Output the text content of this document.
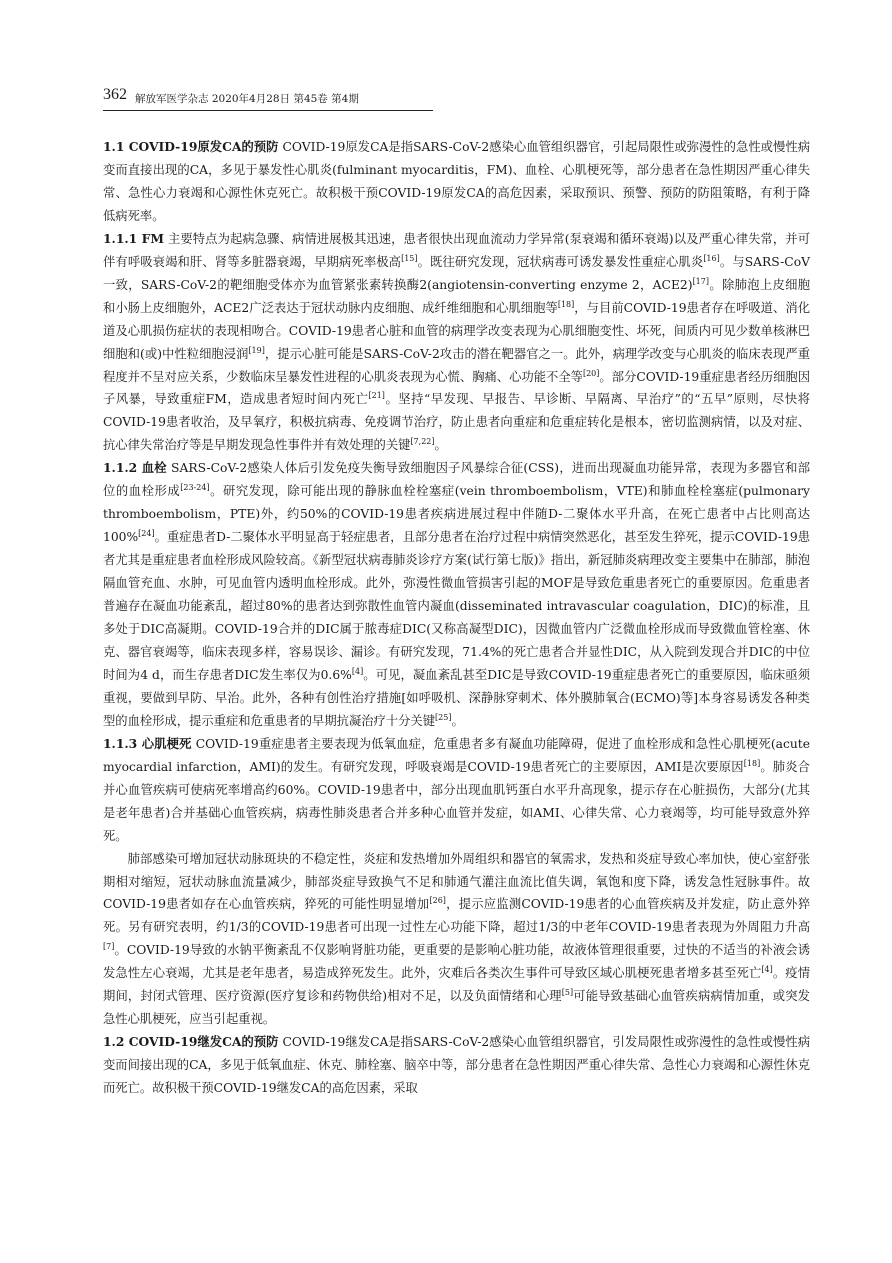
362 解放军医学杂志 2020年4月28日 第45卷 第4期

1.1 COVID-19原发CA的预防 COVID-19原发CA是指SARS-CoV-2感染心血管组织器官，引起局限性或弥漫性的急性或慢性病变而直接出现的CA，多见于暴发性心肌炎(fulminant myocarditis，FM)、血栓、心肌梗死等，部分患者在急性期因严重心律失常、急性心力衰竭和心源性休克死亡。故积极干预COVID-19原发CA的高危因素，采取预识、预警、预防的防阻策略，有利于降低病死率。

1.1.1 FM 主要特点为起病急骤、病情进展极其迅速，患者很快出现血流动力学异常(泵衰竭和循环衰竭)以及严重心律失常，并可伴有呼吸衰竭和肝、肾等多脏器衰竭，早期病死率极高[15]。既往研究发现，冠状病毒可诱发暴发性重症心肌炎[16]。与SARS-CoV一致，SARS-CoV-2的靶细胞受体亦为血管紧张素转换酶2(angiotensin-converting enzyme 2，ACE2)[17]。除肺泡上皮细胞和小肠上皮细胞外，ACE2广泛表达于冠状动脉内皮细胞、成纤维细胞和心肌细胞等[18]，与目前COVID-19患者存在呼吸道、消化道及心肌损伤症状的表现相吻合。COVID-19患者心脏和血管的病理学改变表现为心肌细胞变性、坏死，间质内可见少数单核淋巴细胞和(或)中性粒细胞浸润[19]，提示心脏可能是SARS-CoV-2攻击的潜在靶器官之一。此外，病理学改变与心肌炎的临床表现严重程度并不呈对应关系，少数临床呈暴发性进程的心肌炎表现为心慌、胸痛、心功能不全等[20]。部分COVID-19重症患者经历细胞因子风暴，导致重症FM，造成患者短时间内死亡[21]。坚持“早发现、早报告、早诊断、早隔离、早治疗”的“五早”原则，尽快将COVID-19患者收治，及早氧疗，积极抗病毒、免疫调节治疗，防止患者向重症和危重症转化是根本，密切监测病情，以及对症、抗心律失常治疗等是早期发现急性事件并有效处理的关键[7,22]。

1.1.2 血栓 SARS-CoV-2感染人体后引发免疫失衡导致细胞因子风暴综合征(CSS)，进而出现凝血功能异常，表现为多器官和部位的血栓形成[23-24]。研究发现，除可能出现的静脉血栓栓塞症(vein thromboembolism，VTE)和肺血栓栓塞症(pulmonary thromboembolism，PTE)外，约50%的COVID-19患者疾病进展过程中伴随D-二聚体水平升高，在死亡患者中占比则高达100%[24]。重症患者D-二聚体水平明显高于轻症患者，且部分患者在治疗过程中病情突然恶化，甚至发生猝死，提示COVID-19患者尤其是重症患者血栓形成风险较高。《新型冠状病毒肺炎诊疗方案(试行第七版)》指出，新冠肺炎病理改变主要集中在肺部，肺泡隔血管充血、水肿，可见血管内透明血栓形成。此外，弥漫性微血管损害引起的MOF是导致危重患者死亡的重要原因。危重患者普遍存在凝血功能紊乱，超过80%的患者达到弥散性血管内凝血(disseminated intravascular coagulation，DIC)的标准，且多处于DIC高凝期。COVID-19合并的DIC属于脓毒症DIC(又称高凝型DIC)，因微血管内广泛微血栓形成而导致微血管栓塞、休克、器官衰竭等，临床表现多样，容易误诊、漏诊。有研究发现，71.4%的死亡患者合并显性DIC，从入院到发现合并DIC的中位时间为4 d，而生存患者DIC发生率仅为0.6%[4]。可见，凝血紊乱甚至DIC是导致COVID-19重症患者死亡的重要原因，临床亟须重视，要做到早防、早治。此外，各种有创性治疗措施[如呼吸机、深静脉穿刺术、体外膜肺氧合(ECMO)等]本身容易诱发各种类型的血栓形成，提示重症和危重患者的早期抗凝治疗十分关键[25]。

1.1.3 心肌梗死 COVID-19重症患者主要表现为低氧血症，危重患者多有凝血功能障碍，促进了血栓形成和急性心肌梗死(acute myocardial infarction，AMI)的发生。有研究发现，呼吸衰竭是COVID-19患者死亡的主要原因，AMI是次要原因[18]。肺炎合并心血管疾病可使病死率增高约60%。COVID-19患者中，部分出现血肌钙蛋白水平升高现象，提示存在心脏损伤，大部分(尤其是老年患者)合并基础心血管疾病，病毒性肺炎患者合并多种心血管并发症，如AMI、心律失常、心力衰竭等，均可能导致意外猝死。

肺部感染可增加冠状动脉斑块的不稳定性，炎症和发热增加外周组织和器官的氧需求，发热和炎症导致心率加快，使心室舒张期相对缩短，冠状动脉血流量减少，肺部炎症导致换气不足和肺通气灌注血流比值失调，氧饱和度下降，诱发急性冠脉事件。故COVID-19患者如存在心血管疾病，猝死的可能性明显增加[26]，提示应监测COVID-19患者的心血管疾病及并发症，防止意外猝死。另有研究表明，约1/3的COVID-19患者可出现一过性左心功能下降，超过1/3的中老年COVID-19患者表现为外周阻力升高[7]。COVID-19导致的水钠平衡紊乱不仅影响肾脏功能，更重要的是影响心脏功能，故液体管理很重要，过快的不适当的补液会诱发急性左心衰竭，尤其是老年患者，易造成猝死发生。此外，灾难后各类次生事件可导致区域心肌梗死患者增多甚至死亡[4]。疫情期间，封闭式管理、医疗资源(医疗复诊和药物供给)相对不足，以及负面情绪和心理[5]可能导致基础心血管疾病病情加重，或突发急性心肌梗死，应当引起重视。

1.2 COVID-19继发CA的预防 COVID-19继发CA是指SARS-CoV-2感染心血管组织器官，引发局限性或弥漫性的急性或慢性病变而间接出现的CA，多见于低氧血症、休克、肺栓塞、脑卒中等，部分患者在急性期因严重心律失常、急性心力衰竭和心源性休克而死亡。故积极干预COVID-19继发CA的高危因素，采取
